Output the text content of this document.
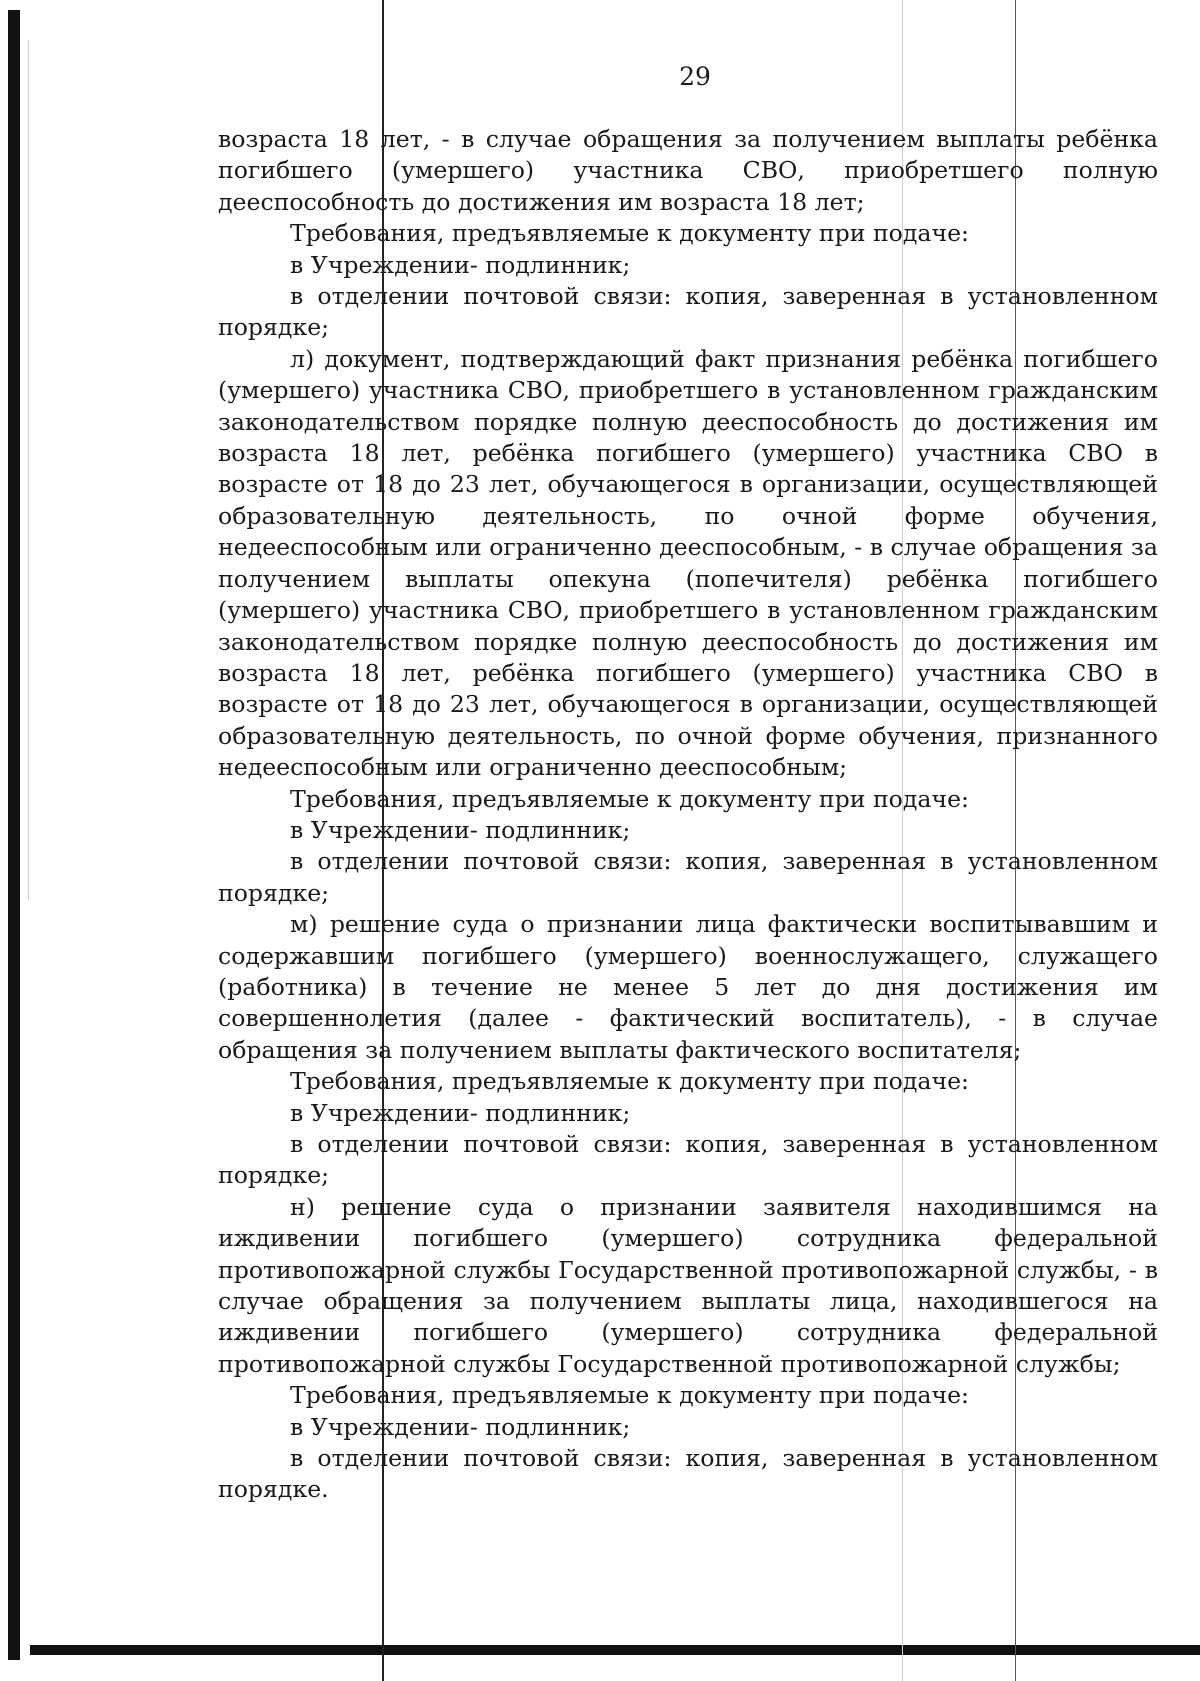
29

возраста 18 лет, - в случае обращения за получением выплаты ребёнка погибшего (умершего) участника СВО, приобретшего полную дееспособность до достижения им возраста 18 лет;

Требования, предъявляемые к документу при подаче:

в Учреждении- подлинник;

в отделении почтовой связи: копия, заверенная в установленном порядке;

л) документ, подтверждающий факт признания ребёнка погибшего (умершего) участника СВО, приобретшего в установленном гражданским законодательством порядке полную дееспособность до достижения им возраста 18 лет, ребёнка погибшего (умершего) участника СВО в возрасте от 18 до 23 лет, обучающегося в организации, осуществляющей образовательную деятельность, по очной форме обучения, недееспособным или ограниченно дееспособным, - в случае обращения за получением выплаты опекуна (попечителя) ребёнка погибшего (умершего) участника СВО, приобретшего в установленном гражданским законодательством порядке полную дееспособность до достижения им возраста 18 лет, ребёнка погибшего (умершего) участника СВО в возрасте от 18 до 23 лет, обучающегося в организации, осуществляющей образовательную деятельность, по очной форме обучения, признанного недееспособным или ограниченно дееспособным;

Требования, предъявляемые к документу при подаче:

в Учреждении- подлинник;

в отделении почтовой связи: копия, заверенная в установленном порядке;

м) решение суда о признании лица фактически воспитывавшим и содержавшим погибшего (умершего) военнослужащего, служащего (работника) в течение не менее 5 лет до дня достижения им совершеннолетия (далее - фактический воспитатель), - в случае обращения за получением выплаты фактического воспитателя;

Требования, предъявляемые к документу при подаче:

в Учреждении- подлинник;

в отделении почтовой связи: копия, заверенная в установленном порядке;

н) решение суда о признании заявителя находившимся на иждивении погибшего (умершего) сотрудника федеральной противопожарной службы Государственной противопожарной службы, - в случае обращения за получением выплаты лица, находившегося на иждивении погибшего (умершего) сотрудника федеральной противопожарной службы Государственной противопожарной службы;

Требования, предъявляемые к документу при подаче:

в Учреждении- подлинник;

в отделении почтовой связи: копия, заверенная в установленном порядке.
